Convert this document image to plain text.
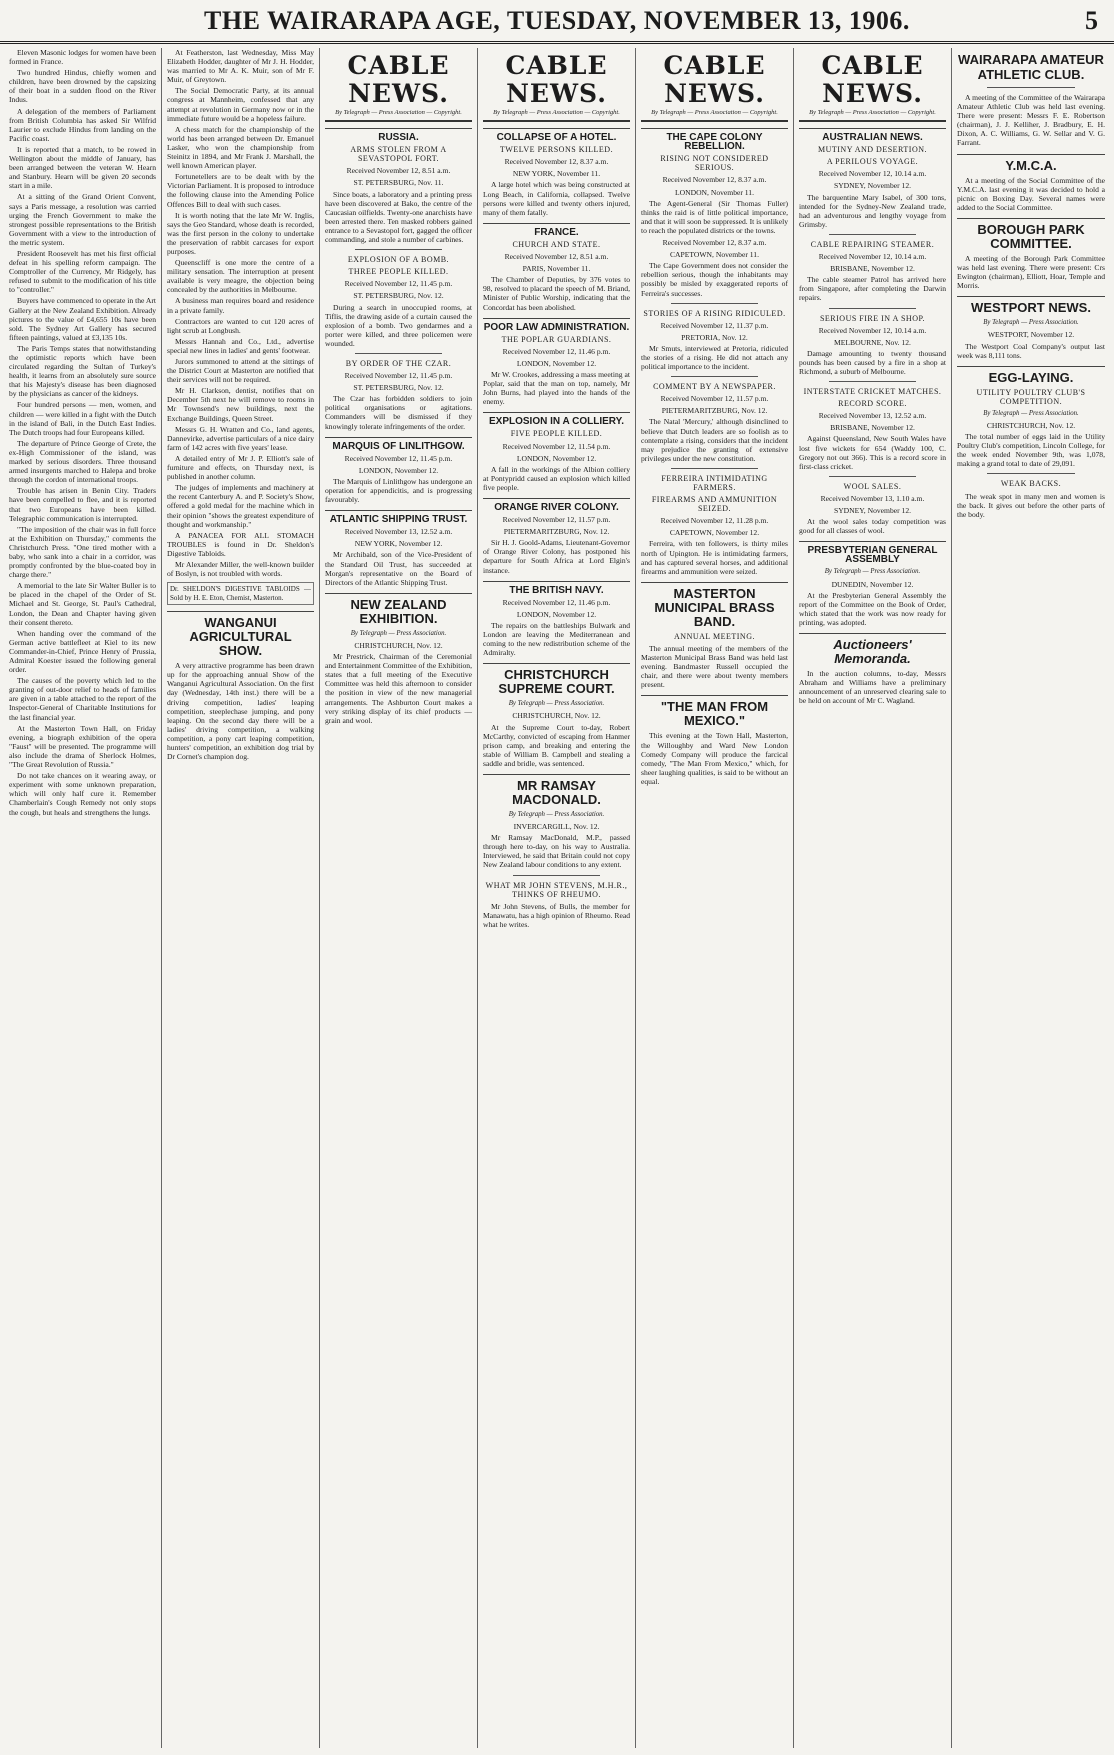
THE WAIRARAPA AGE, TUESDAY, NOVEMBER 13, 1906.	5

Eleven Masonic lodges for women have been formed in France.

Two hundred Hindus, chiefly women and children, have been drowned by the capsizing of their boat in a sudden flood on the River Indus.

A delegation of the members of Parliament from British Columbia has asked Sir Wilfrid Laurier to exclude Hindus from landing on the Pacific coast.

It is reported that a match, to be rowed in Wellington about the middle of January, has been arranged between the veteran W. Hearn and Stanbury. Hearn will be given 20 seconds start in a mile.

At a sitting of the Grand Orient Convent, says a Paris message, a resolution was carried urging the French Government to make the strongest possible representations to the British Government with a view to the introduction of the metric system.

President Roosevelt has met his first official defeat in his spelling reform campaign. The Comptroller of the Currency, Mr Ridgely, has refused to submit to the modification of his title to "controller."

Buyers have commenced to operate in the Art Gallery at the New Zealand Exhibition. Already pictures to the value of £4,655 10s have been sold. The Sydney Art Gallery has secured fifteen paintings, valued at £3,135 10s.

The Paris Temps states that notwithstanding the optimistic reports which have been circulated regarding the Sultan of Turkey's health, it learns from an absolutely sure source that his Majesty's disease has been diagnosed by the physicians as cancer of the kidneys.

Four hundred persons — men, women, and children — were killed in a fight with the Dutch in the island of Bali, in the Dutch East Indies. The Dutch troops had four Europeans killed.

The departure of Prince George of Crete, the ex-High Commissioner of the island, was marked by serious disorders. Three thousand armed insurgents marched to Halepa and broke through the cordon of international troops.

Trouble has arisen in Benin City. Traders have been compelled to flee, and it is reported that two Europeans have been killed. Telegraphic communication is interrupted.

"The imposition of the chair was in full force at the Exhibition on Thursday," comments the Christchurch Press. "One tired mother with a baby, who sank into a chair in a corridor, was promptly confronted by the blue-coated boy in charge there."

A memorial to the late Sir Walter Buller is to be placed in the chapel of the Order of St. Michael and St. George, St. Paul's Cathedral, London, the Dean and Chapter having given their consent thereto.

When handing over the command of the German active battlefleet at Kiel to its new Commander-in-Chief, Prince Henry of Prussia, Admiral Koester issued the following general order.

The causes of the poverty which led to the granting of out-door relief to heads of families are given in a table attached to the report of the Inspector-General of Charitable Institutions for the last financial year.

At the Masterton Town Hall, on Friday evening, a biograph exhibition of the opera "Faust" will be presented. The programme will also include the drama of Sherlock Holmes, "The Great Revolution of Russia."

Do not take chances on it wearing away, or experiment with some unknown preparation, which will only half cure it. Remember Chamberlain's Cough Remedy not only stops the cough, but heals and strengthens the lungs.

At Featherston, last Wednesday, Miss May Elizabeth Hodder, daughter of Mr J. H. Hodder, was married to Mr A. K. Muir, son of Mr F. Muir, of Greytown.

The Social Democratic Party, at its annual congress at Mannheim, confessed that any attempt at revolution in Germany now or in the immediate future would be a hopeless failure.

A chess match for the championship of the world has been arranged between Dr. Emanuel Lasker, who won the championship from Steinitz in 1894, and Mr Frank J. Marshall, the well known American player.

Fortunetellers are to be dealt with by the Victorian Parliament. It is proposed to introduce the following clause into the Amending Police Offences Bill to deal with such cases.

It is worth noting that the late Mr W. Inglis, says the Geo Standard, whose death is recorded, was the first person in the colony to undertake the preservation of rabbit carcases for export purposes.

Queenscliff is one more the centre of a military sensation. The interruption at present available is very meagre, the objection being concealed by the authorities in Melbourne.

A business man requires board and residence in a private family.

Contractors are wanted to cut 120 acres of light scrub at Longbush.

Messrs Hannah and Co., Ltd., advertise special new lines in ladies' and gents' footwear.

Jurors summoned to attend at the sittings of the District Court at Masterton are notified that their services will not be required.

Mr H. Clarkson, dentist, notifies that on December 5th next he will remove to rooms in Mr Townsend's new buildings, next the Exchange Buildings, Queen Street.

Messrs G. H. Wratten and Co., land agents, Dannevirke, advertise particulars of a nice dairy farm of 142 acres with five years' lease.

A detailed entry of Mr J. P. Elliott's sale of furniture and effects, on Thursday next, is published in another column.

The judges of implements and machinery at the recent Canterbury A. and P. Society's Show, offered a gold medal for the machine which in their opinion "shows the greatest expenditure of thought and workmanship."

A PANACEA FOR ALL STOMACH TROUBLES is found in Dr. Sheldon's Digestive Tabloids.

Mr Alexander Miller, the well-known builder of Boslyn, is not troubled with words.

Dr. SHELDON'S DIGESTIVE TABLOIDS — Sold by H. E. Eton, Chemist, Masterton.
WANGANUI AGRICULTURAL SHOW.

A very attractive programme has been drawn up for the approaching annual Show of the Wanganui Agricultural Association. On the first day (Wednesday, 14th inst.) there will be a driving competition, ladies' leaping competition, steeplechase jumping, and pony leaping. On the second day there will be a ladies' driving competition, a walking competition, a pony cart leaping competition, hunters' competition, an exhibition dog trial by Dr Cornet's champion dog.

CABLE NEWS.
By Telegraph — Press Association — Copyright.
RUSSIA.
ARMS STOLEN FROM A SEVASTOPOL FORT.
Received November 12, 8.51 a.m.
ST. PETERSBURG, Nov. 11.

Since boats, a laboratory and a printing press have been discovered at Bako, the centre of the Caucasian oilfields. Twenty-one anarchists have been arrested there. Ten masked robbers gained entrance to a Sevastopol fort, gagged the officer commanding, and stole a number of carbines.

EXPLOSION OF A BOMB.
THREE PEOPLE KILLED.
Received November 12, 11.45 p.m.
ST. PETERSBURG, Nov. 12.

During a search in unoccupied rooms, at Tiflis, the drawing aside of a curtain caused the explosion of a bomb. Two gendarmes and a porter were killed, and three policemen were wounded.

BY ORDER OF THE CZAR.
Received November 12, 11.45 p.m.
ST. PETERSBURG, Nov. 12.

The Czar has forbidden soldiers to join political organisations or agitations. Commanders will be dismissed if they knowingly tolerate infringements of the order.

MARQUIS OF LINLITHGOW.
Received November 12, 11.45 p.m.
LONDON, November 12.

The Marquis of Linlithgow has undergone an operation for appendicitis, and is progressing favourably.

ATLANTIC SHIPPING TRUST.
Received November 13, 12.52 a.m.
NEW YORK, November 12.

Mr Archibald, son of the Vice-President of the Standard Oil Trust, has succeeded at Morgan's representative on the Board of Directors of the Atlantic Shipping Trust.

NEW ZEALAND EXHIBITION.
By Telegraph — Press Association.
CHRISTCHURCH, Nov. 12.

Mr Prestrick, Chairman of the Ceremonial and Entertainment Committee of the Exhibition, states that a full meeting of the Executive Committee was held this afternoon to consider the position in view of the new managerial arrangements. The Ashburton Court makes a very striking display of its chief products — grain and wool.

CABLE NEWS.
By Telegraph — Press Association — Copyright.
COLLAPSE OF A HOTEL.
TWELVE PERSONS KILLED.
Received November 12, 8.37 a.m.
NEW YORK, November 11.

A large hotel which was being constructed at Long Beach, in California, collapsed. Twelve persons were killed and twenty others injured, many of them fatally.

FRANCE.
CHURCH AND STATE.
Received November 12, 8.51 a.m.
PARIS, November 11.

The Chamber of Deputies, by 376 votes to 98, resolved to placard the speech of M. Briand, Minister of Public Worship, indicating that the Concordat has been abolished.

POOR LAW ADMINISTRATION.
THE POPLAR GUARDIANS.
Received November 12, 11.46 p.m.
LONDON, November 12.

Mr W. Crookes, addressing a mass meeting at Poplar, said that the man on top, namely, Mr John Burns, had played into the hands of the enemy.

EXPLOSION IN A COLLIERY.
FIVE PEOPLE KILLED.
Received November 12, 11.54 p.m.
LONDON, November 12.

A fall in the workings of the Albion colliery at Pontypridd caused an explosion which killed five people.

ORANGE RIVER COLONY.
Received November 12, 11.57 p.m.
PIETERMARITZBURG, Nov. 12.

Sir H. J. Goold-Adams, Lieutenant-Governor of Orange River Colony, has postponed his departure for South Africa at Lord Elgin's instance.

THE BRITISH NAVY.
Received November 12, 11.46 p.m.
LONDON, November 12.

The repairs on the battleships Bulwark and London are leaving the Mediterranean and coming to the new redistribution scheme of the Admiralty.

CHRISTCHURCH SUPREME COURT.
By Telegraph — Press Association.
CHRISTCHURCH, Nov. 12.

At the Supreme Court to-day, Robert McCarthy, convicted of escaping from Hanmer prison camp, and breaking and entering the stable of William B. Campbell and stealing a saddle and bridle, was sentenced.

MR RAMSAY MACDONALD.
By Telegraph — Press Association.
INVERCARGILL, Nov. 12.

Mr Ramsay MacDonald, M.P., passed through here to-day, on his way to Australia. Interviewed, he said that Britain could not copy New Zealand labour conditions to any extent.

WHAT MR JOHN STEVENS, M.H.R., THINKS OF RHEUMO.

Mr John Stevens, of Bulls, the member for Manawatu, has a high opinion of Rheumo. Read what he writes.

CABLE NEWS.
By Telegraph — Press Association — Copyright.
THE CAPE COLONY REBELLION.
RISING NOT CONSIDERED SERIOUS.
Received November 12, 8.37 a.m.
LONDON, November 11.

The Agent-General (Sir Thomas Fuller) thinks the raid is of little political importance, and that it will soon be suppressed. It is unlikely to reach the populated districts or the towns.

Received November 12, 8.37 a.m.
CAPETOWN, November 11.

The Cape Government does not consider the rebellion serious, though the inhabitants may possibly be misled by exaggerated reports of Ferreira's successes.

STORIES OF A RISING RIDICULED.
Received November 12, 11.37 p.m.
PRETORIA, Nov. 12.

Mr Smuts, interviewed at Pretoria, ridiculed the stories of a rising. He did not attach any political importance to the incident.

COMMENT BY A NEWSPAPER.
Received November 12, 11.57 p.m.
PIETERMARITZBURG, Nov. 12.

The Natal 'Mercury,' although disinclined to believe that Dutch leaders are so foolish as to contemplate a rising, considers that the incident may prejudice the granting of extensive privileges under the new constitution.

FERREIRA INTIMIDATING FARMERS.
FIREARMS AND AMMUNITION SEIZED.
Received November 12, 11.28 p.m.
CAPETOWN, November 12.

Ferreira, with ten followers, is thirty miles north of Upington. He is intimidating farmers, and has captured several horses, and additional firearms and ammunition were seized.

MASTERTON MUNICIPAL BRASS BAND.
ANNUAL MEETING.

The annual meeting of the members of the Masterton Municipal Brass Band was held last evening. Bandmaster Russell occupied the chair, and there were about twenty members present.

"THE MAN FROM MEXICO."

This evening at the Town Hall, Masterton, the Willoughby and Ward New London Comedy Company will produce the farcical comedy, "The Man From Mexico," which, for sheer laughing qualities, is said to be without an equal.

CABLE NEWS.
By Telegraph — Press Association — Copyright.
AUSTRALIAN NEWS.
MUTINY AND DESERTION.
A PERILOUS VOYAGE.
Received November 12, 10.14 a.m.
SYDNEY, November 12.

The barquentine Mary Isabel, of 300 tons, intended for the Sydney-New Zealand trade, had an adventurous and lengthy voyage from Grimsby.

CABLE REPAIRING STEAMER.
Received November 12, 10.14 a.m.
BRISBANE, November 12.

The cable steamer Patrol has arrived here from Singapore, after completing the Darwin repairs.

SERIOUS FIRE IN A SHOP.
Received November 12, 10.14 a.m.
MELBOURNE, Nov. 12.

Damage amounting to twenty thousand pounds has been caused by a fire in a shop at Richmond, a suburb of Melbourne.

INTERSTATE CRICKET MATCHES.
RECORD SCORE.
Received November 13, 12.52 a.m.
BRISBANE, November 12.

Against Queensland, New South Wales have lost five wickets for 654 (Waddy 100, C. Gregory not out 366). This is a record score in first-class cricket.

WOOL SALES.
Received November 13, 1.10 a.m.
SYDNEY, November 12.

At the wool sales today competition was good for all classes of wool.

PRESBYTERIAN GENERAL ASSEMBLY
By Telegraph — Press Association.
DUNEDIN, November 12.

At the Presbyterian General Assembly the report of the Committee on the Book of Order, which stated that the work was now ready for printing, was adopted.

Auctioneers' Memoranda.

In the auction columns, to-day, Messrs Abraham and Williams have a preliminary announcement of an unreserved clearing sale to be held on account of Mr C. Wagland.

WAIRARAPA AMATEUR ATHLETIC CLUB.

A meeting of the Committee of the Wairarapa Amateur Athletic Club was held last evening. There were present: Messrs F. E. Robertson (chairman), J. J. Kelliher, J. Bradbury, E. H. Dixon, A. C. Williams, G. W. Sellar and V. G. Farrant.

Y.M.C.A.

At a meeting of the Social Committee of the Y.M.C.A. last evening it was decided to hold a picnic on Boxing Day. Several names were added to the Social Committee.

BOROUGH PARK COMMITTEE.

A meeting of the Borough Park Committee was held last evening. There were present: Crs Ewington (chairman), Elliott, Hoar, Temple and Morris.

WESTPORT NEWS.
By Telegraph — Press Association.
WESTPORT, November 12.

The Westport Coal Company's output last week was 8,111 tons.

EGG-LAYING.
UTILITY POULTRY CLUB'S COMPETITION.
By Telegraph — Press Association.
CHRISTCHURCH, Nov. 12.

The total number of eggs laid in the Utility Poultry Club's competition, Lincoln College, for the week ended November 9th, was 1,078, making a grand total to date of 29,091.

WEAK BACKS.

The weak spot in many men and women is the back. It gives out before the other parts of the body.
